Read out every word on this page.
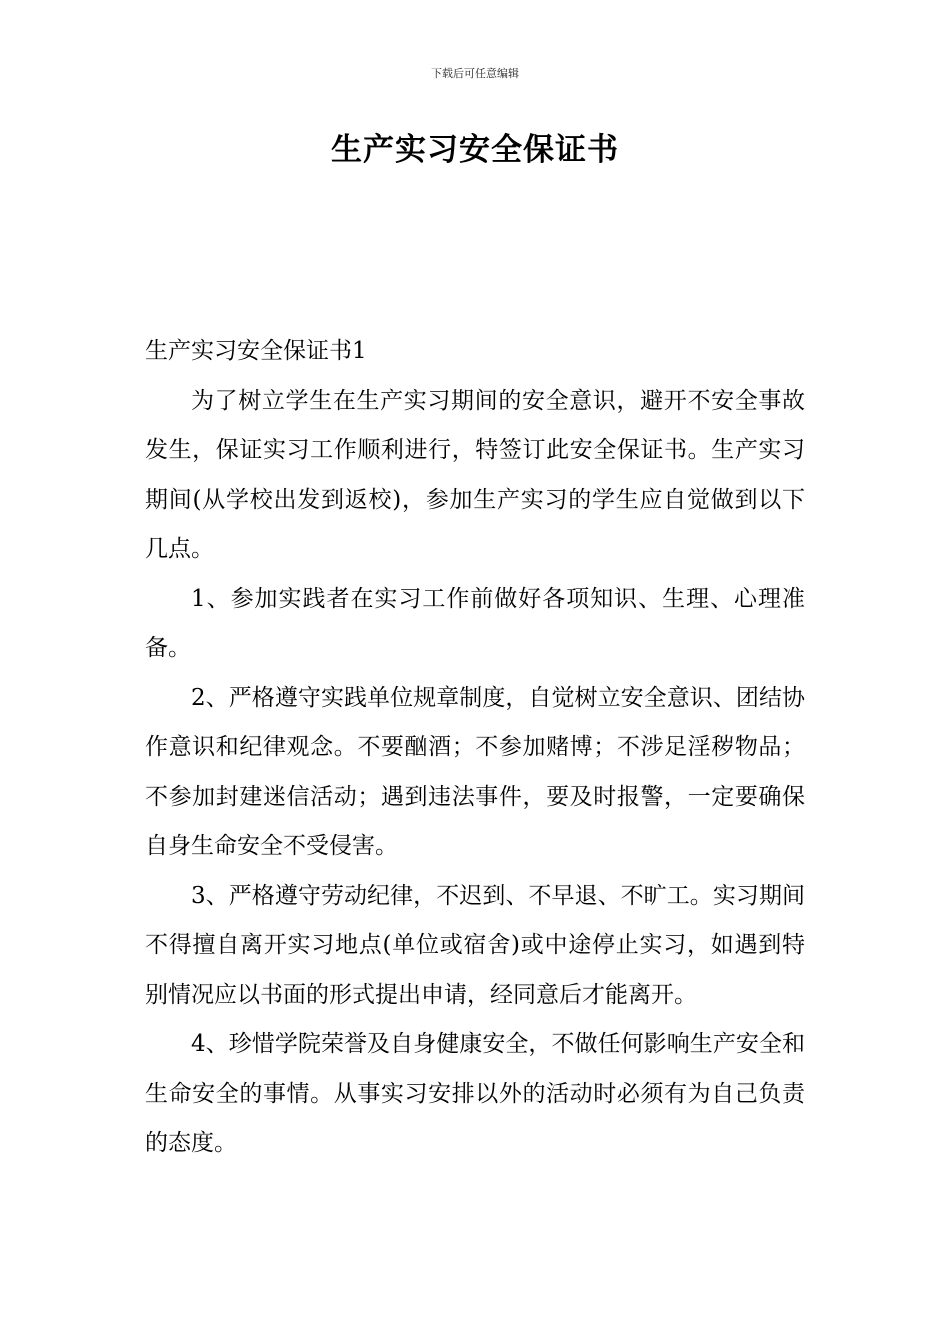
下载后可任意编辑
生产实习安全保证书

生产实习安全保证书1

为了树立学生在生产实习期间的安全意识，避开不安全事故发生，保证实习工作顺利进行，特签订此安全保证书。生产实习期间(从学校出发到返校)，参加生产实习的学生应自觉做到以下几点。

1、参加实践者在实习工作前做好各项知识、生理、心理准备。

2、严格遵守实践单位规章制度，自觉树立安全意识、团结协作意识和纪律观念。不要酗酒；不参加赌博；不涉足淫秽物品；不参加封建迷信活动；遇到违法事件，要及时报警，一定要确保自身生命安全不受侵害。

3、严格遵守劳动纪律，不迟到、不早退、不旷工。实习期间不得擅自离开实习地点(单位或宿舍)或中途停止实习，如遇到特别情况应以书面的形式提出申请，经同意后才能离开。

4、珍惜学院荣誉及自身健康安全，不做任何影响生产安全和生命安全的事情。从事实习安排以外的活动时必须有为自己负责的态度。
